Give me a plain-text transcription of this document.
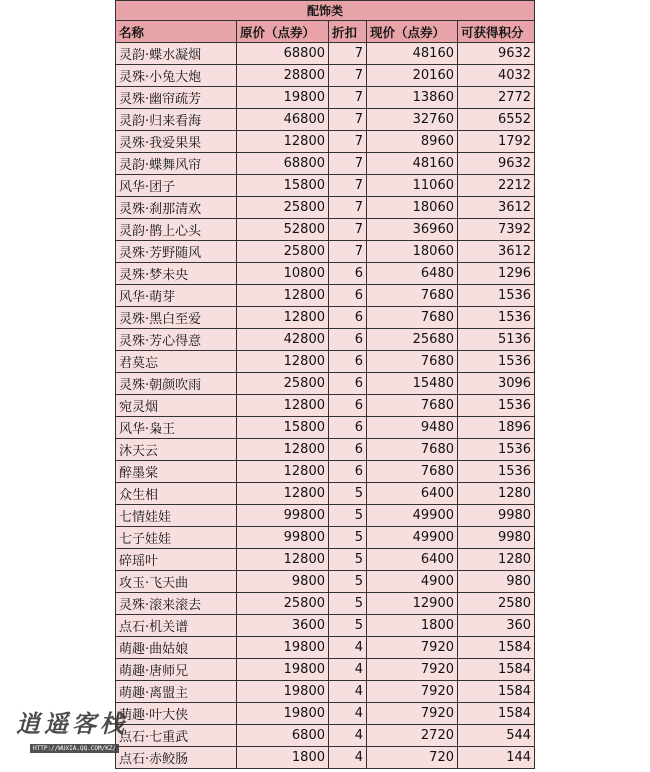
配饰类				
名称	原价（点券）	折扣	现价（点券）	可获得积分
灵韵·蝶水凝烟	68800	7	48160	9632
灵殊·小兔大炮	28800	7	20160	4032
灵殊·幽帘疏芳	19800	7	13860	2772
灵韵·归来看海	46800	7	32760	6552
灵殊·我爱果果	12800	7	8960	1792
灵韵·蝶舞风帘	68800	7	48160	9632
风华·团子	15800	7	11060	2212
灵殊·刹那清欢	25800	7	18060	3612
灵韵·鹊上心头	52800	7	36960	7392
灵殊·芳野随风	25800	7	18060	3612
灵殊·梦未央	10800	6	6480	1296
风华·萌芽	12800	6	7680	1536
灵殊·黑白至爱	12800	6	7680	1536
灵殊·芳心得意	42800	6	25680	5136
君莫忘	12800	6	7680	1536
灵殊·朝颜吹雨	25800	6	15480	3096
宛灵烟	12800	6	7680	1536
风华·枭王	15800	6	9480	1896
沐天云	12800	6	7680	1536
醉墨棠	12800	6	7680	1536
众生相	12800	5	6400	1280
七情娃娃	99800	5	49900	9980
七子娃娃	99800	5	49900	9980
碎瑶叶	12800	5	6400	1280
攻玉·飞天曲	9800	5	4900	980
灵殊·滚来滚去	25800	5	12900	2580
点石·机关谱	3600	5	1800	360
萌趣·曲姑娘	19800	4	7920	1584
萌趣·唐师兄	19800	4	7920	1584
萌趣·离盟主	19800	4	7920	1584
萌趣·叶大侠	19800	4	7920	1584
点石·七重武	6800	4	2720	544
点石·赤鲛肠	1800	4	720	144
逍遥客栈
HTTP://WUXIA.QQ.COM/KZ/
